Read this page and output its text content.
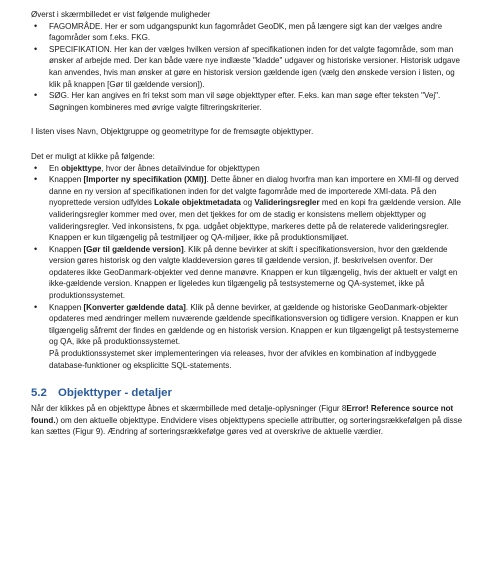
Øverst i skærmbilledet er vist følgende muligheder

• FAGOMRÅDE. Her er som udgangspunkt kun fagområdet GeoDK, men på længere sigt kan der vælges andre fagområder som f.eks. FKG.
• SPECIFIKATION. Her kan der vælges hvilken version af specifikationen inden for det valgte fagområde, som man ønsker af arbejde med. Der kan både være nye indlæste "kladde" udgaver og historiske versioner. Historisk udgave kan anvendes, hvis man ønsker at gøre en historisk version gældende igen (vælg den ønskede version i listen, og klik på knappen [Gør til gældende version]).
• SØG. Her kan angives en fri tekst som man vil søge objekttyper efter. F.eks. kan man søge efter teksten "Vej". Søgningen kombineres med øvrige valgte filtreringskriterier.

I listen vises Navn, Objektgruppe og geometritype for de fremsøgte objekttyper.

Det er muligt at klikke på følgende:

• En objekttype, hvor der åbnes detailvindue for objekttypen
• Knappen [Importer ny specifikation (XMI)]. Dette åbner en dialog hvorfra man kan importere en XMI-fil og derved danne en ny version af specifikationen inden for det valgte fagområde med de importerede XMI-data. På den nyoprettede version udfyldes Lokale objektmetadata og Valideringsregler med en kopi fra gældende version. Alle valideringsregler kommer med over, men det tjekkes for om de stadig er konsistens mellem objekttyper og valideringsregler. Ved inkonsistens, fx pga. udgået objekttype, markeres dette på de relaterede valideringsregler. Knappen er kun tilgængelig på testmiljøer og QA-miljøer, ikke på produktionsmiljøet.
• Knappen [Gør til gældende version]. Klik på denne bevirker at skift i specifikationsversion, hvor den gældende version gøres historisk og den valgte kladdeversion gøres til gældende version, jf. beskrivelsen ovenfor. Der opdateres ikke GeoDanmark-objekter ved denne manøvre. Knappen er kun tilgængelig, hvis der aktuelt er valgt en ikke-gældende version. Knappen er ligeledes kun tilgængelig på testsystemerne og QA-systemet, ikke på produktionssystemet.
• Knappen [Konverter gældende data]. Klik på denne bevirker, at gældende og historiske GeoDanmark-objekter opdateres med ændringer mellem nuværende gældende specifikationsversion og tidligere version. Knappen er kun tilgængelig såfremt der findes en gældende og en historisk version. Knappen er kun tilgængeligt på testsystemerne og QA, ikke på produktionssystemet.

På produktionssystemet sker implementeringen via releases, hvor der afvikles en kombination af indbyggede database-funktioner og eksplicitte SQL-statements.

5.2 Objekttyper - detaljer

Når der klikkes på en objekttype åbnes et skærmbillede med detalje-oplysninger (Figur 8Error! Reference source not found.) om den aktuelle objekttype. Endvidere vises objekttypens specielle attributter, og sorteringsrækkefølgen på disse kan sættes (Figur 9). Ændring af sorteringsrækkefølge gøres ved at overskrive de aktuelle værdier.
